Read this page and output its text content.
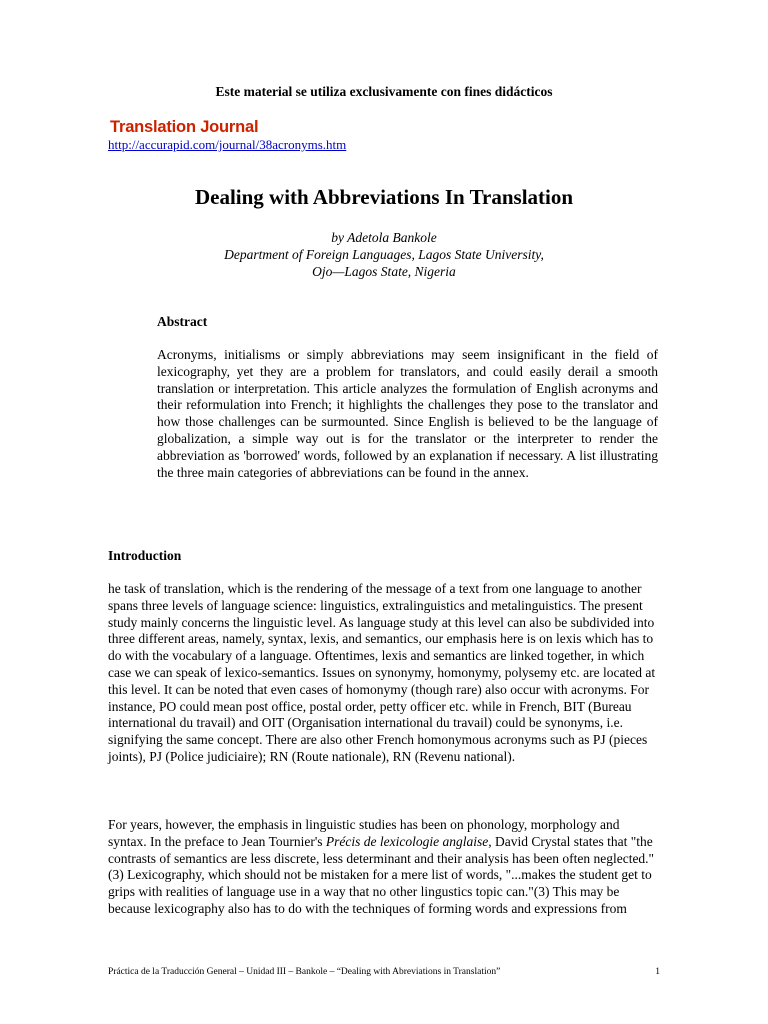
Este material se utiliza exclusivamente con fines didácticos
Translation Journal
http://accurapid.com/journal/38acronyms.htm
Dealing with Abbreviations In Translation
by Adetola Bankole
Department of Foreign Languages, Lagos State University,
Ojo—Lagos State, Nigeria
Abstract
Acronyms, initialisms or simply abbreviations may seem insignificant in the field of lexicography, yet they are a problem for translators, and could easily derail a smooth translation or interpretation. This article analyzes the formulation of English acronyms and their reformulation into French; it highlights the challenges they pose to the translator and how those challenges can be surmounted. Since English is believed to be the language of globalization, a simple way out is for the translator or the interpreter to render the abbreviation as 'borrowed' words, followed by an explanation if necessary. A list illustrating the three main categories of abbreviations can be found in the annex.
Introduction
he task of translation, which is the rendering of the message of a text from one language to another spans three levels of language science: linguistics, extralinguistics and metalinguistics. The present study mainly concerns the linguistic level. As language study at this level can also be subdivided into three different areas, namely, syntax, lexis, and semantics, our emphasis here is on lexis which has to do with the vocabulary of a language. Oftentimes, lexis and semantics are linked together, in which case we can speak of lexico-semantics. Issues on synonymy, homonymy, polysemy etc. are located at this level. It can be noted that even cases of homonymy (though rare) also occur with acronyms. For instance, PO could mean post office, postal order, petty officer etc. while in French, BIT (Bureau international du travail) and OIT (Organisation international du travail) could be synonyms, i.e. signifying the same concept. There are also other French homonymous acronyms such as PJ (pieces joints), PJ (Police judiciaire); RN (Route nationale), RN (Revenu national).
For years, however, the emphasis in linguistic studies has been on phonology, morphology and syntax. In the preface to Jean Tournier's Précis de lexicologie anglaise, David Crystal states that "the contrasts of semantics are less discrete, less determinant and their analysis has been often neglected."(3) Lexicography, which should not be mistaken for a mere list of words, "...makes the student get to grips with realities of language use in a way that no other lingustics topic can."(3) This may be because lexicography also has to do with the techniques of forming words and expressions from
Práctica de la Traducción General – Unidad III – Bankole – “Dealing with Abreviations in Translation”	1
